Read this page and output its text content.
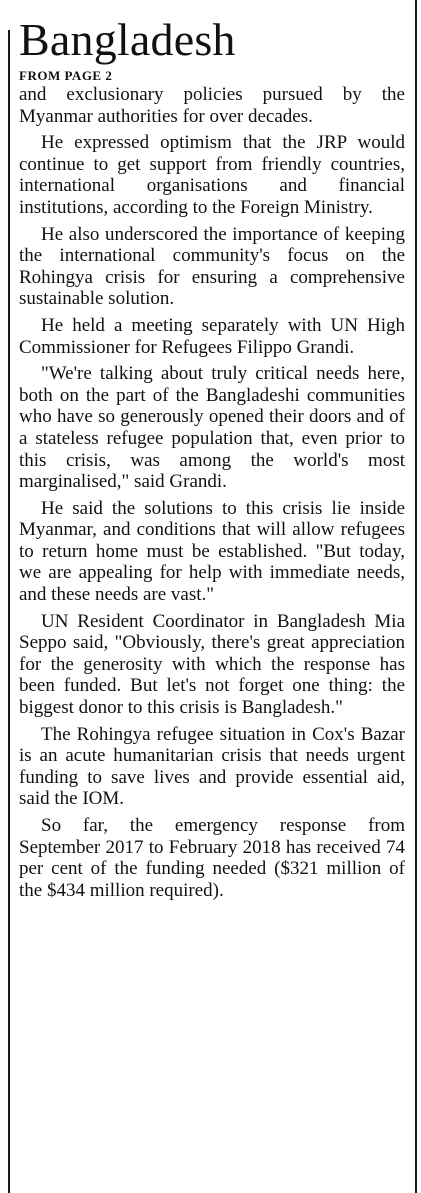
Bangladesh

FROM PAGE 2

and exclusionary policies pursued by the Myanmar authorities for over decades.

He expressed optimism that the JRP would continue to get support from friendly countries, international organisations and financial institutions, according to the Foreign Ministry.

He also underscored the importance of keeping the international community's focus on the Rohingya crisis for ensuring a comprehensive sustainable solution.

He held a meeting separately with UN High Commissioner for Refugees Filippo Grandi.

"We're talking about truly critical needs here, both on the part of the Bangladeshi communities who have so generously opened their doors and of a stateless refugee population that, even prior to this crisis, was among the world's most marginalised," said Grandi.

He said the solutions to this crisis lie inside Myanmar, and conditions that will allow refugees to return home must be established. "But today, we are appealing for help with immediate needs, and these needs are vast."

UN Resident Coordinator in Bangladesh Mia Seppo said, "Obviously, there's great appreciation for the generosity with which the response has been funded. But let's not forget one thing: the biggest donor to this crisis is Bangladesh."

The Rohingya refugee situation in Cox's Bazar is an acute humanitarian crisis that needs urgent funding to save lives and provide essential aid, said the IOM.

So far, the emergency response from September 2017 to February 2018 has received 74 per cent of the funding needed ($321 million of the $434 million required).
